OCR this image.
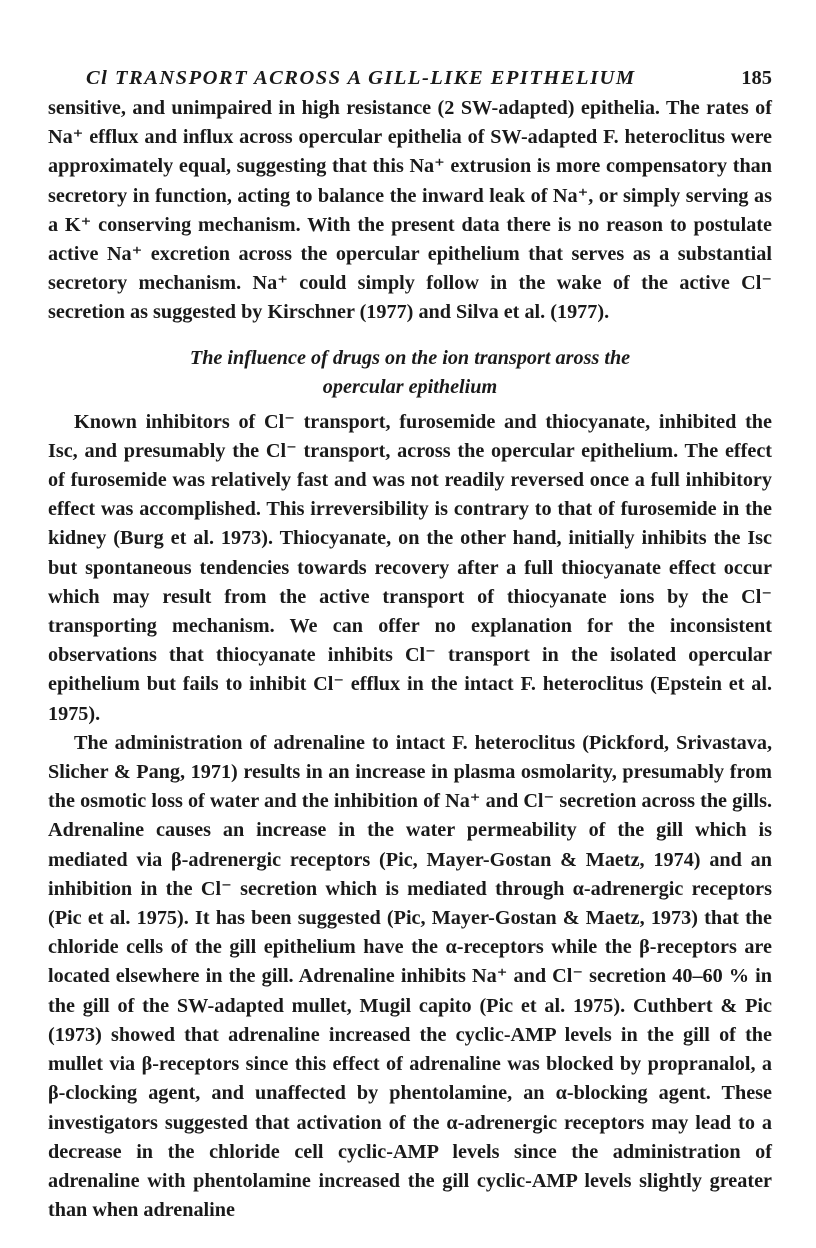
Cl TRANSPORT ACROSS A GILL-LIKE EPITHELIUM	185

sensitive, and unimpaired in high resistance (2 SW-adapted) epithelia. The rates of Na⁺ efflux and influx across opercular epithelia of SW-adapted F. heteroclitus were approximately equal, suggesting that this Na⁺ extrusion is more compensatory than secretory in function, acting to balance the inward leak of Na⁺, or simply serving as a K⁺ conserving mechanism. With the present data there is no reason to postulate active Na⁺ excretion across the opercular epithelium that serves as a substantial secretory mechanism. Na⁺ could simply follow in the wake of the active Cl⁻ secretion as suggested by Kirschner (1977) and Silva et al. (1977).

The influence of drugs on the ion transport aross the
opercular epithelium

Known inhibitors of Cl⁻ transport, furosemide and thiocyanate, inhibited the Isc, and presumably the Cl⁻ transport, across the opercular epithelium. The effect of furosemide was relatively fast and was not readily reversed once a full inhibitory effect was accomplished. This irreversibility is contrary to that of furosemide in the kidney (Burg et al. 1973). Thiocyanate, on the other hand, initially inhibits the Isc but spontaneous tendencies towards recovery after a full thiocyanate effect occur which may result from the active transport of thiocyanate ions by the Cl⁻ transporting mechanism. We can offer no explanation for the inconsistent observations that thiocyanate inhibits Cl⁻ transport in the isolated opercular epithelium but fails to inhibit Cl⁻ efflux in the intact F. heteroclitus (Epstein et al. 1975).

The administration of adrenaline to intact F. heteroclitus (Pickford, Srivastava, Slicher & Pang, 1971) results in an increase in plasma osmolarity, presumably from the osmotic loss of water and the inhibition of Na⁺ and Cl⁻ secretion across the gills. Adrenaline causes an increase in the water permeability of the gill which is mediated via β-adrenergic receptors (Pic, Mayer-Gostan & Maetz, 1974) and an inhibition in the Cl⁻ secretion which is mediated through α-adrenergic receptors (Pic et al. 1975). It has been suggested (Pic, Mayer-Gostan & Maetz, 1973) that the chloride cells of the gill epithelium have the α-receptors while the β-receptors are located elsewhere in the gill. Adrenaline inhibits Na⁺ and Cl⁻ secretion 40–60 % in the gill of the SW-adapted mullet, Mugil capito (Pic et al. 1975). Cuthbert & Pic (1973) showed that adrenaline increased the cyclic-AMP levels in the gill of the mullet via β-receptors since this effect of adrenaline was blocked by propranalol, a β-clocking agent, and unaffected by phentolamine, an α-blocking agent. These investigators suggested that activation of the α-adrenergic receptors may lead to a decrease in the chloride cell cyclic-AMP levels since the administration of adrenaline with phentolamine increased the gill cyclic-AMP levels slightly greater than when adrenaline
